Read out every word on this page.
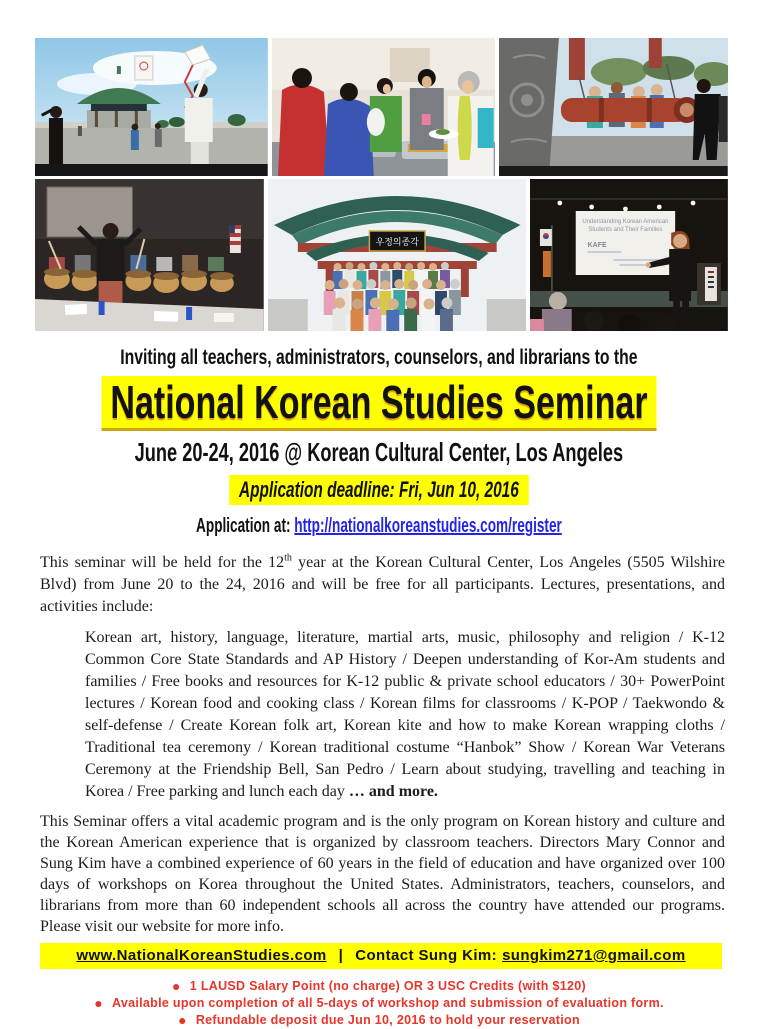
우정의종각
Understanding Korean American
Students and Their Families
KAFE
Inviting all teachers, administrators, counselors, and librarians to the
National Korean Studies Seminar
June 20-24, 2016 @ Korean Cultural Center, Los Angeles
Application deadline: Fri, Jun 10, 2016
Application at: http://nationalkoreanstudies.com/register

This seminar will be held for the 12th year at the Korean Cultural Center, Los Angeles (5505 Wilshire Blvd) from June 20 to the 24, 2016 and will be free for all participants. Lectures, presentations, and activities include:

Korean art, history, language, literature, martial arts, music, philosophy and religion / K-12 Common Core State Standards and AP History / Deepen understanding of Kor-Am students and families / Free books and resources for K-12 public & private school educators / 30+ PowerPoint lectures / Korean food and cooking class / Korean films for classrooms / K-POP / Taekwondo & self-defense / Create Korean folk art, Korean kite and how to make Korean wrapping cloths / Traditional tea ceremony / Korean traditional costume “Hanbok” Show / Korean War Veterans Ceremony at the Friendship Bell, San Pedro / Learn about studying, travelling and teaching in Korea / Free parking and lunch each day … and more.

This Seminar offers a vital academic program and is the only program on Korean history and culture and the Korean American experience that is organized by classroom teachers. Directors Mary Connor and Sung Kim have a combined experience of 60 years in the field of education and have organized over 100 days of workshops on Korea throughout the United States. Administrators, teachers, counselors, and librarians from more than 60 independent schools all across the country have attended our programs. Please visit our website for more info.

www.NationalKoreanStudies.com | Contact Sung Kim: sungkim271@gmail.com
● 1 LAUSD Salary Point (no charge) OR 3 USC Credits (with $120)
● Available upon completion of all 5-days of workshop and submission of evaluation form.
● Refundable deposit due Jun 10, 2016 to hold your reservation
